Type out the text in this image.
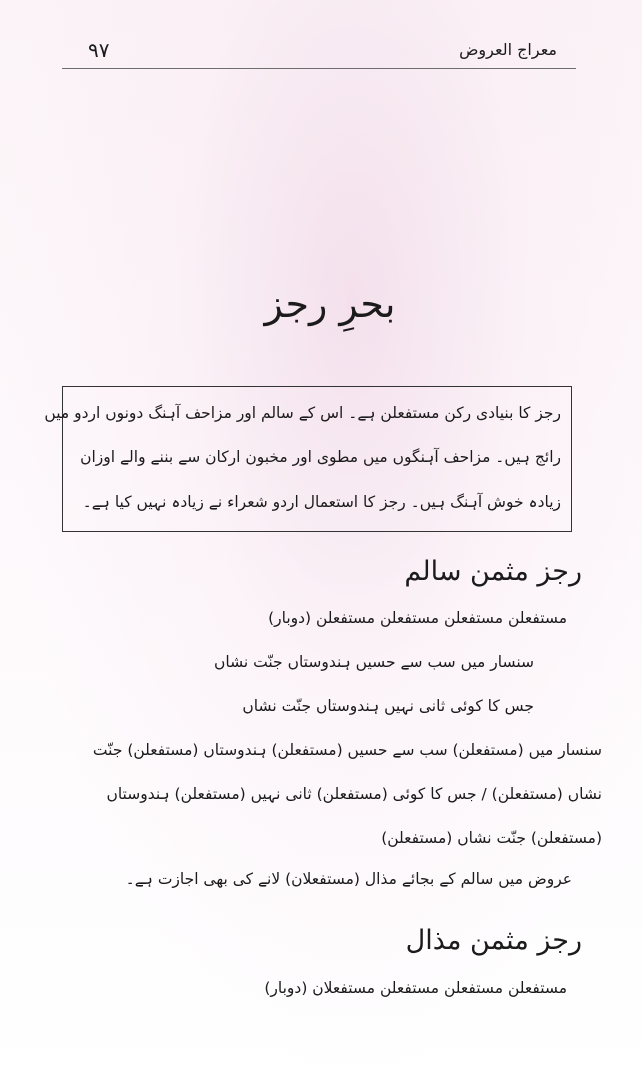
۹۷	معراج العروض
بحرِ رجز
رجز کا بنیادی رکن مستفعلن ہے۔ اس کے سالم اور مزاحف آہنگ دونوں اردو میں
رائج ہیں۔ مزاحف آہنگوں میں مطوی اور مخبون ارکان سے بننے والے اوزان
زیادہ خوش آہنگ ہیں۔ رجز کا استعمال اردو شعراء نے زیادہ نہیں کیا ہے۔
رجز مثمن سالم
مستفعلن مستفعلن مستفعلن مستفعلن (دوبار)
سنسار میں سب سے حسیں ہندوستاں جنّت نشاں
جس کا کوئی ثانی نہیں ہندوستاں جنّت نشاں
سنسار میں (مستفعلن) سب سے حسیں (مستفعلن) ہندوستاں (مستفعلن) جنّت
نشاں (مستفعلن) / جس کا کوئی (مستفعلن) ثانی نہیں (مستفعلن) ہندوستاں
(مستفعلن) جنّت نشاں (مستفعلن)
عروض میں سالم کے بجائے مذال (مستفعلان) لانے کی بھی اجازت ہے۔
رجز مثمن مذال
مستفعلن مستفعلن مستفعلن مستفعلان (دوبار)
